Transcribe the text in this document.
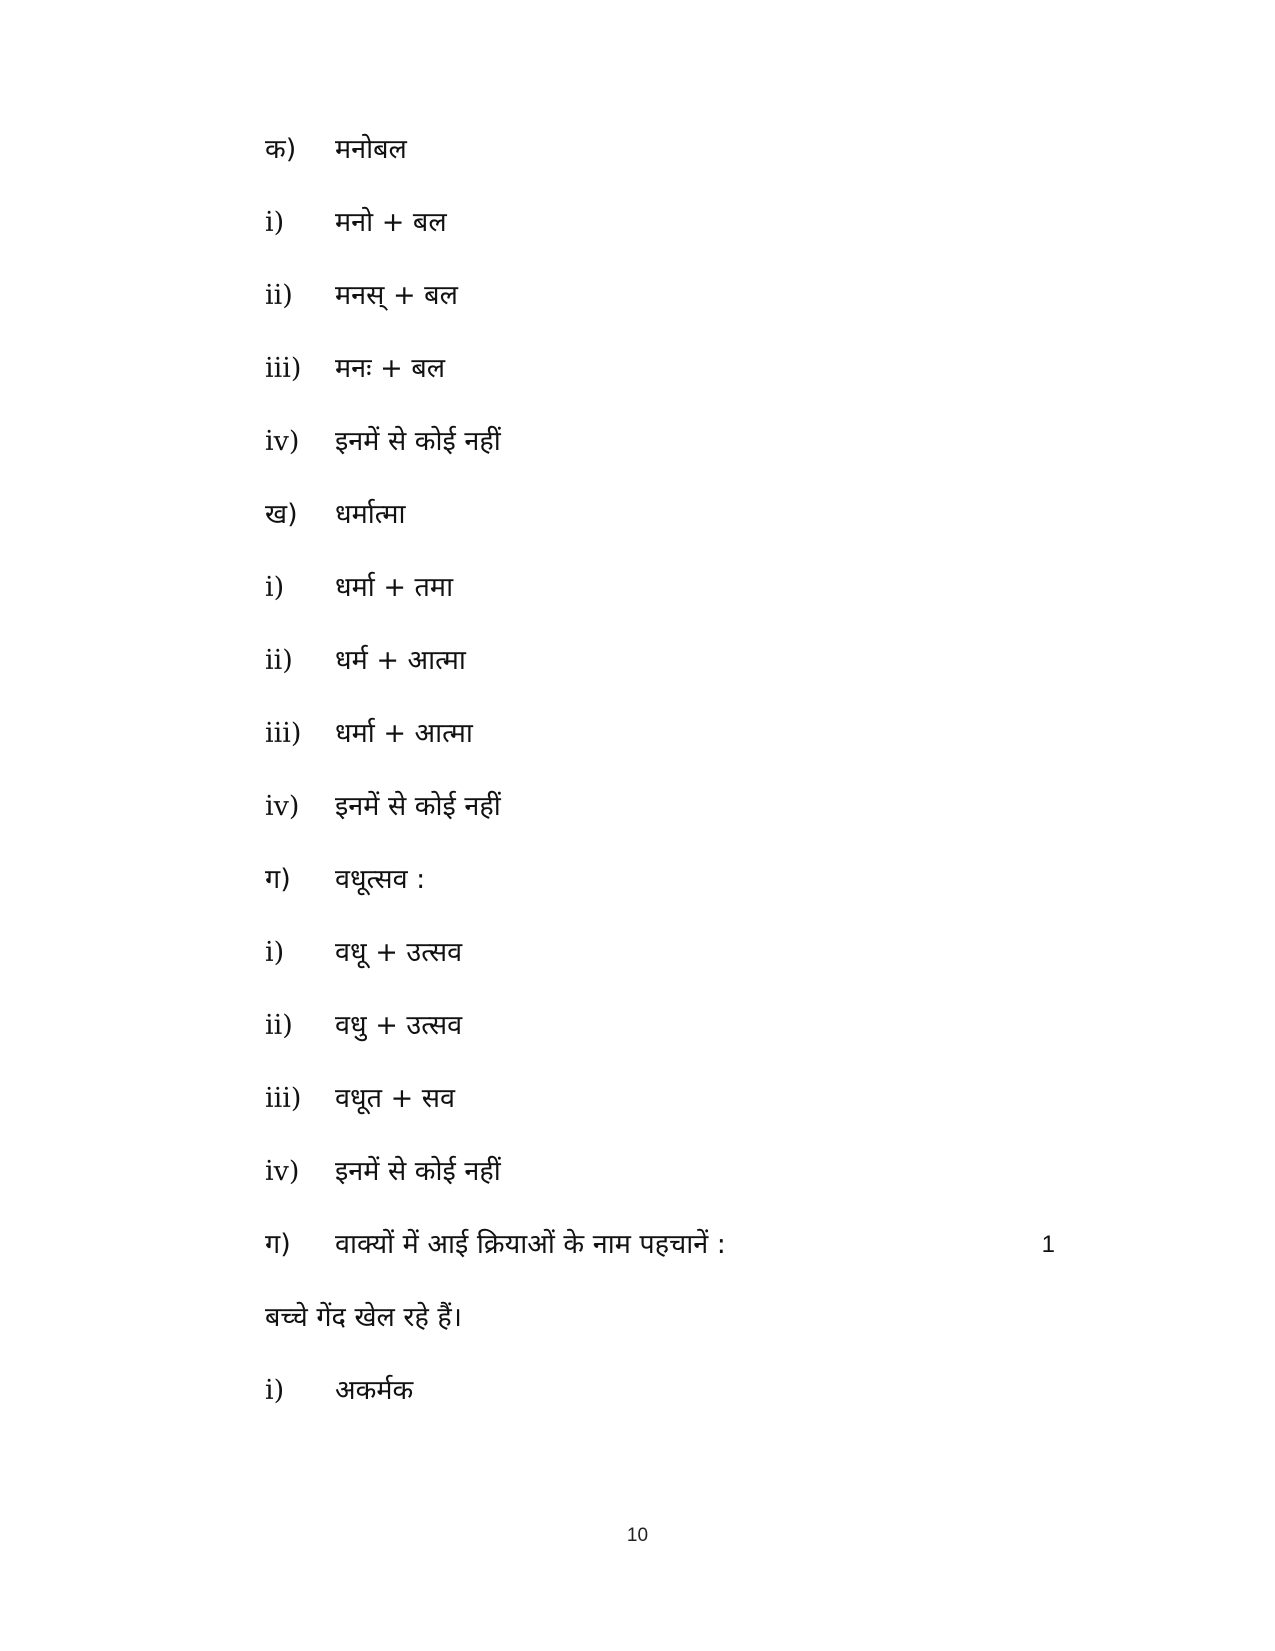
क) मनोबल
i) मनो + बल
ii) मनस् + बल
iii) मनः + बल
iv) इनमें से कोई नहीं
ख) धर्मात्मा
i) धर्मा + तमा
ii) धर्म + आत्मा
iii) धर्मा + आत्मा
iv) इनमें से कोई नहीं
ग) वधूत्सव :
i) वधू + उत्सव
ii) वधु + उत्सव
iii) वधूत + सव
iv) इनमें से कोई नहीं
ग) वाक्यों में आई क्रियाओं के नाम पहचानें :	1
बच्चे गेंद खेल रहे हैं।
i) अकर्मक
10
